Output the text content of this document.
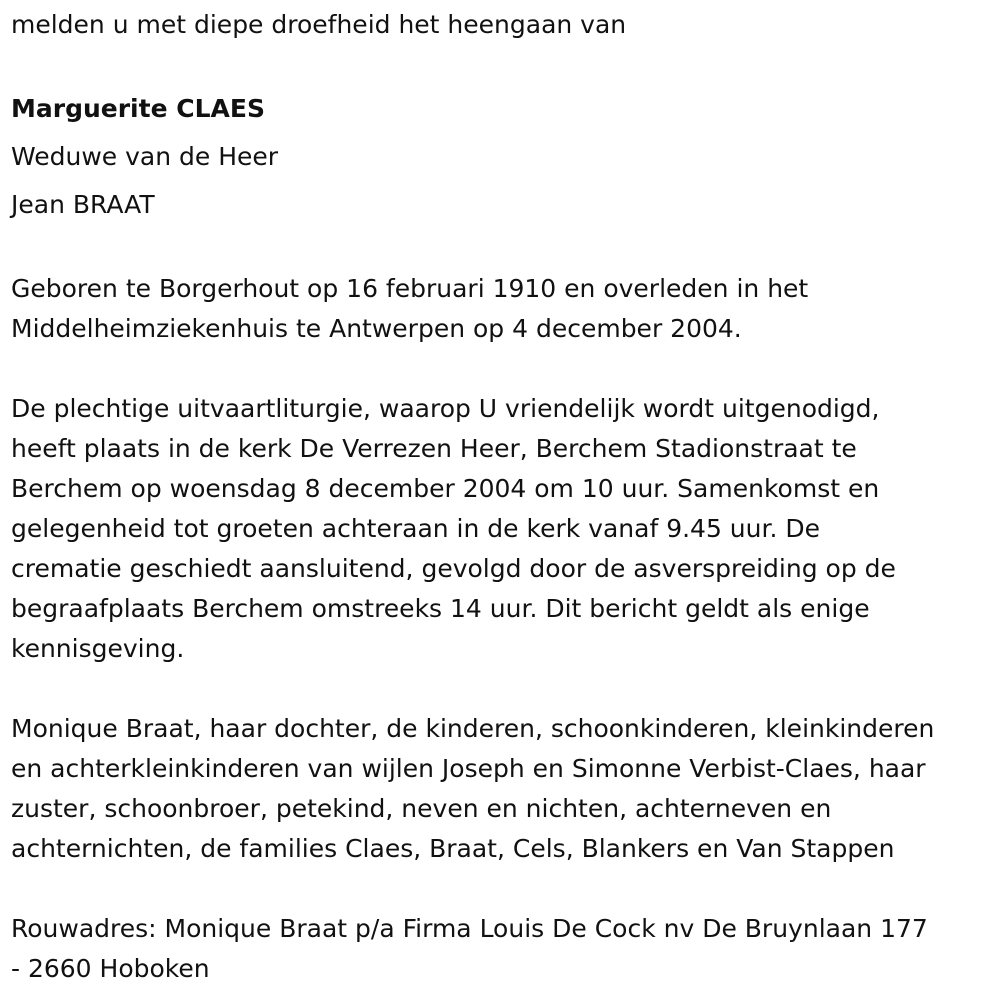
melden u met diepe droefheid het heengaan van
Marguerite CLAES
Weduwe van de Heer
Jean BRAAT
Geboren te Borgerhout op 16 februari 1910 en overleden in het
Middelheimziekenhuis te Antwerpen op 4 december 2004.
De plechtige uitvaartliturgie, waarop U vriendelijk wordt uitgenodigd,
heeft plaats in de kerk De Verrezen Heer, Berchem Stadionstraat te
Berchem op woensdag 8 december 2004 om 10 uur. Samenkomst en
gelegenheid tot groeten achteraan in de kerk vanaf 9.45 uur. De
crematie geschiedt aansluitend, gevolgd door de asverspreiding op de
begraafplaats Berchem omstreeks 14 uur. Dit bericht geldt als enige
kennisgeving.
Monique Braat, haar dochter, de kinderen, schoonkinderen, kleinkinderen
en achterkleinkinderen van wijlen Joseph en Simonne Verbist-Claes, haar
zuster, schoonbroer, petekind, neven en nichten, achterneven en
achternichten, de families Claes, Braat, Cels, Blankers en Van Stappen
Rouwadres: Monique Braat p/a Firma Louis De Cock nv De Bruynlaan 177
- 2660 Hoboken
